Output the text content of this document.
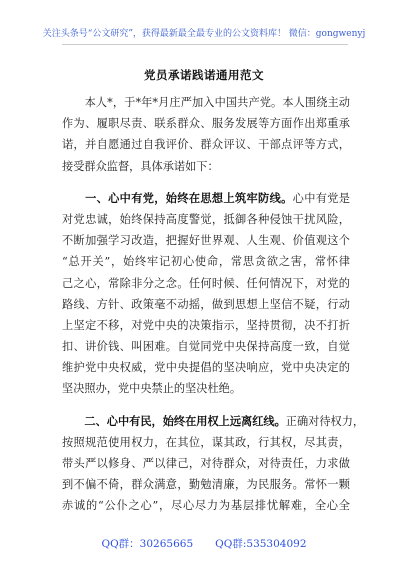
关注头条号“公文研究”，获得最新最全最专业的公文资料库！ 微信：gongwenyj
党员承诺践诺通用范文
　　本人*，于*年*月庄严加入中国共产党。本人围绕主动
作为、履职尽责、联系群众、服务发展等方面作出郑重承
诺，并自愿通过自我评价、群众评议、干部点评等方式，
接受群众监督，具体承诺如下：
　　一、心中有党，始终在思想上筑牢防线。心中有党是
对党忠诚，始终保持高度警觉，抵御各种侵蚀干扰风险，
不断加强学习改造，把握好世界观、人生观、价值观这个
“总开关”，始终牢记初心使命，常思贪欲之害，常怀律
己之心，常除非分之念。任何时候、任何情况下，对党的
路线、方针、政策毫不动摇，做到思想上坚信不疑，行动
上坚定不移，对党中央的决策指示，坚持贯彻，决不打折
扣、讲价钱、叫困难。自觉同党中央保持高度一致，自觉
维护党中央权威，党中央提倡的坚决响应，党中央决定的
坚决照办，党中央禁止的坚决杜绝。
　　二、心中有民，始终在用权上远离红线。正确对待权力，
按照规范使用权力，在其位，谋其政，行其权，尽其责，
带头严以修身、严以律己，对待群众，对待责任，力求做
到不偏不倚，群众满意，勤勉清廉，为民服务。常怀一颗
赤诚的“公仆之心”，尽心尽力为基层排忧解难，全心全
QQ群：30265665 QQ群:535304092
